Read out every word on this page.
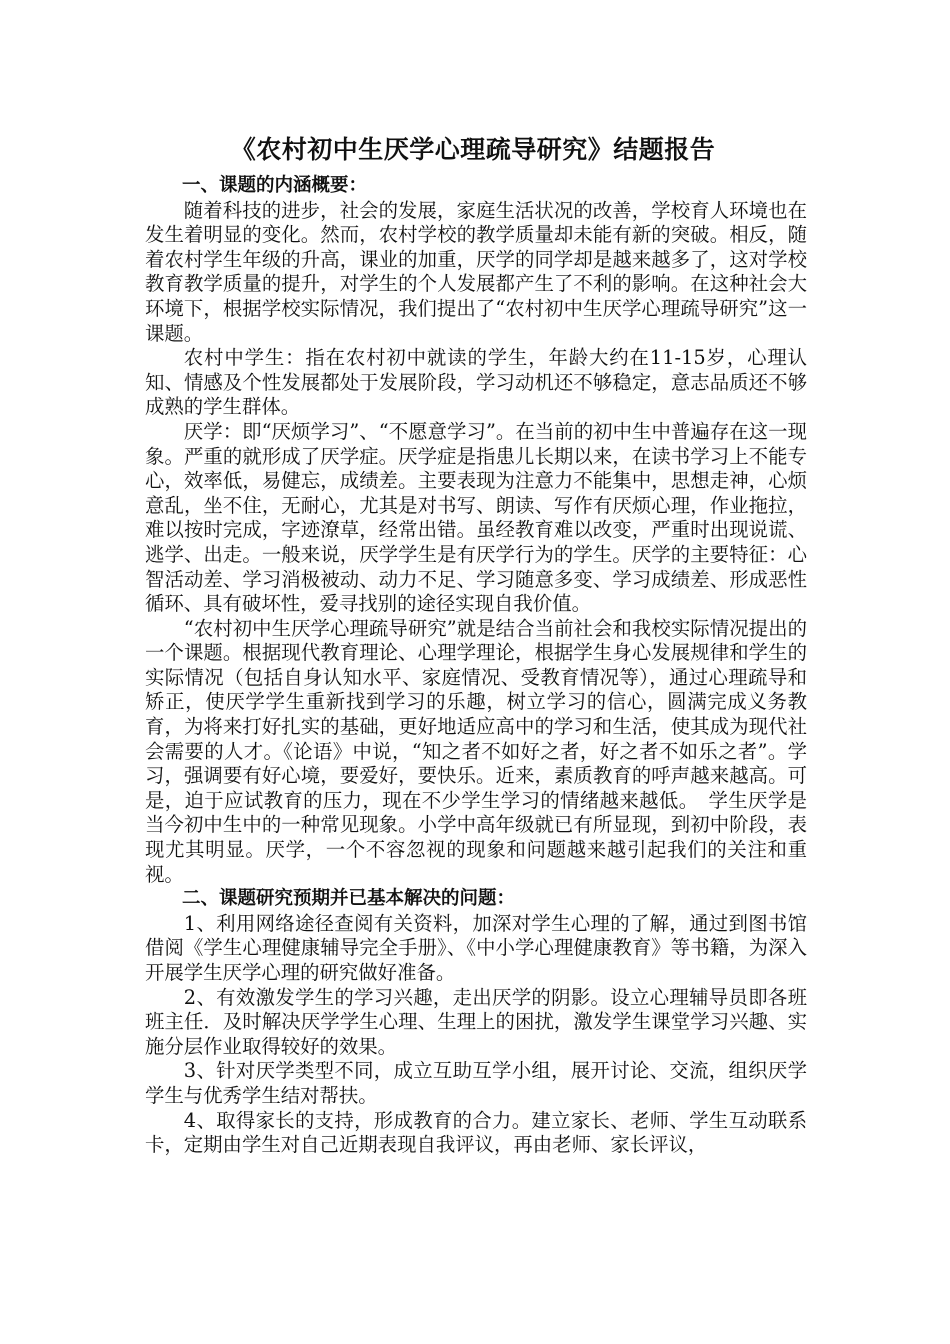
《农村初中生厌学心理疏导研究》结题报告
一、课题的内涵概要：

随着科技的进步，社会的发展，家庭生活状况的改善，学校育人环境也在发生着明显的变化。然而，农村学校的教学质量却未能有新的突破。相反，随着农村学生年级的升高，课业的加重，厌学的同学却是越来越多了，这对学校教育教学质量的提升，对学生的个人发展都产生了不利的影响。在这种社会大环境下，根据学校实际情况，我们提出了“农村初中生厌学心理疏导研究”这一课题。

农村中学生：指在农村初中就读的学生，年龄大约在11-15岁，心理认知、情感及个性发展都处于发展阶段，学习动机还不够稳定，意志品质还不够成熟的学生群体。

厌学：即“厌烦学习”、“不愿意学习”。在当前的初中生中普遍存在这一现象。严重的就形成了厌学症。厌学症是指患儿长期以来，在读书学习上不能专心，效率低，易健忘，成绩差。主要表现为注意力不能集中，思想走神，心烦意乱，坐不住，无耐心，尤其是对书写、朗读、写作有厌烦心理，作业拖拉，难以按时完成，字迹潦草，经常出错。虽经教育难以改变，严重时出现说谎、逃学、出走。一般来说，厌学学生是有厌学行为的学生。厌学的主要特征：心智活动差、学习消极被动、动力不足、学习随意多变、学习成绩差、形成恶性循环、具有破坏性，爱寻找别的途径实现自我价值。

“农村初中生厌学心理疏导研究”就是结合当前社会和我校实际情况提出的一个课题。根据现代教育理论、心理学理论，根据学生身心发展规律和学生的实际情况（包括自身认知水平、家庭情况、受教育情况等），通过心理疏导和矫正，使厌学学生重新找到学习的乐趣，树立学习的信心，圆满完成义务教育，为将来打好扎实的基础，更好地适应高中的学习和生活，使其成为现代社会需要的人才。《论语》中说，“知之者不如好之者，好之者不如乐之者”。学习，强调要有好心境，要爱好，要快乐。近来，素质教育的呼声越来越高。可是，迫于应试教育的压力，现在不少学生学习的情绪越来越低。　学生厌学是当今初中生中的一种常见现象。小学中高年级就已有所显现，到初中阶段，表现尤其明显。厌学，一个不容忽视的现象和问题越来越引起我们的关注和重视。

二、课题研究预期并已基本解决的问题：

1、利用网络途径查阅有关资料，加深对学生心理的了解，通过到图书馆借阅《学生心理健康辅导完全手册》、《中小学心理健康教育》等书籍，为深入开展学生厌学心理的研究做好准备。

2、有效激发学生的学习兴趣，走出厌学的阴影。设立心理辅导员即各班班主任．及时解决厌学学生心理、生理上的困扰，激发学生课堂学习兴趣、实施分层作业取得较好的效果。

3、针对厌学类型不同，成立互助互学小组，展开讨论、交流，组织厌学学生与优秀学生结对帮扶。

4、取得家长的支持，形成教育的合力。建立家长、老师、学生互动联系卡，定期由学生对自己近期表现自我评议，再由老师、家长评议，
